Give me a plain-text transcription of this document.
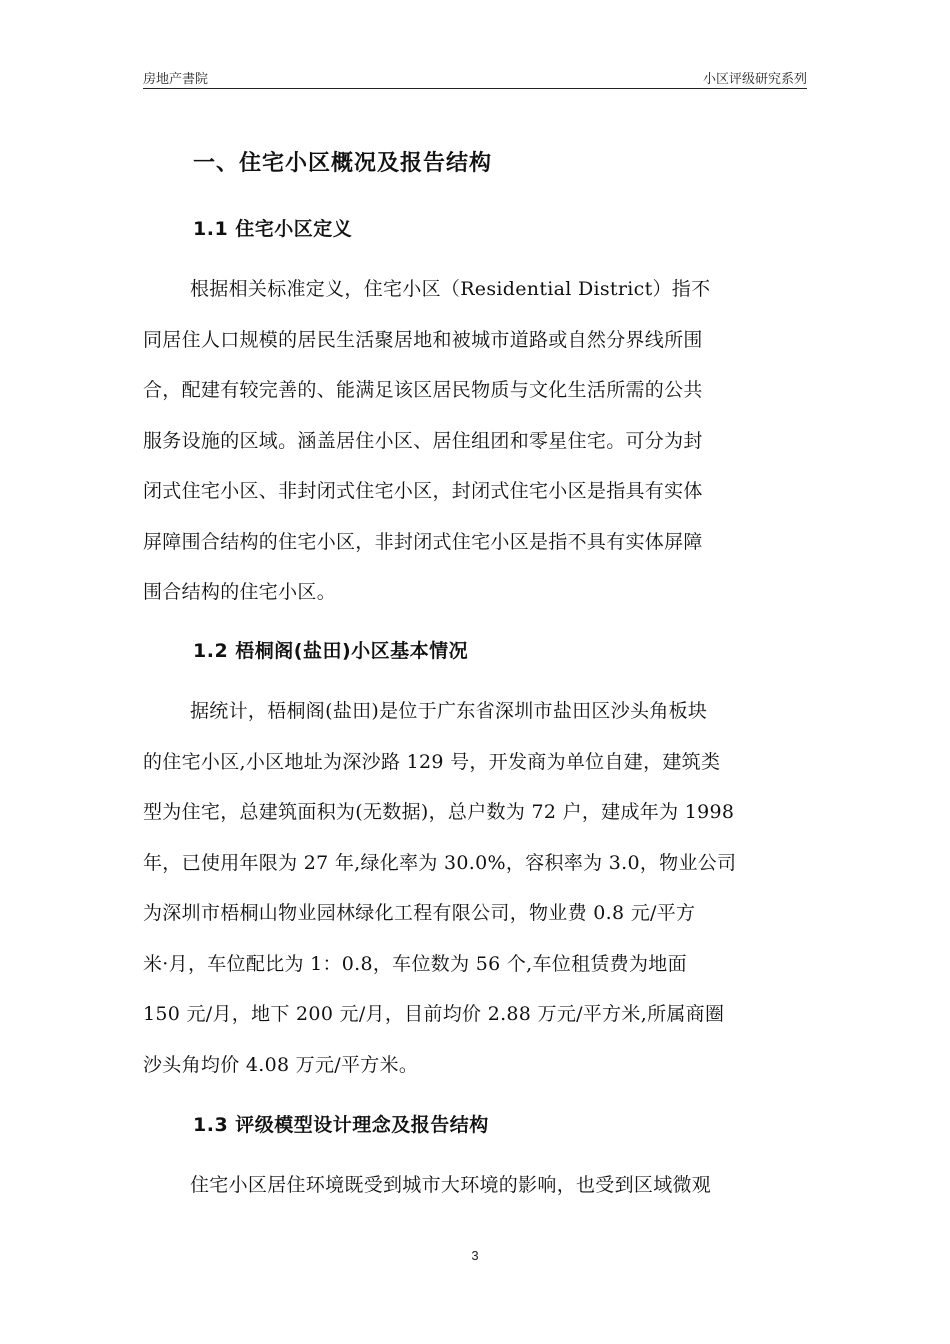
房地产書院	小区评级研究系列
一、住宅小区概况及报告结构
1.1 住宅小区定义
根据相关标准定义，住宅小区（Residential District）指不
同居住人口规模的居民生活聚居地和被城市道路或自然分界线所围
合，配建有较完善的、能满足该区居民物质与文化生活所需的公共
服务设施的区域。涵盖居住小区、居住组团和零星住宅。可分为封
闭式住宅小区、非封闭式住宅小区，封闭式住宅小区是指具有实体
屏障围合结构的住宅小区，非封闭式住宅小区是指不具有实体屏障
围合结构的住宅小区。
1.2 梧桐阁(盐田)小区基本情况
据统计，梧桐阁(盐田)是位于广东省深圳市盐田区沙头角板块
的住宅小区,小区地址为深沙路 129 号，开发商为单位自建，建筑类
型为住宅，总建筑面积为(无数据)，总户数为 72 户，建成年为 1998
年，已使用年限为 27 年,绿化率为 30.0%，容积率为 3.0，物业公司
为深圳市梧桐山物业园林绿化工程有限公司，物业费 0.8 元/平方
米·月，车位配比为 1：0.8，车位数为 56 个,车位租赁费为地面
150 元/月，地下 200 元/月，目前均价 2.88 万元/平方米,所属商圈
沙头角均价 4.08 万元/平方米。
1.3 评级模型设计理念及报告结构
住宅小区居住环境既受到城市大环境的影响，也受到区域微观
3
